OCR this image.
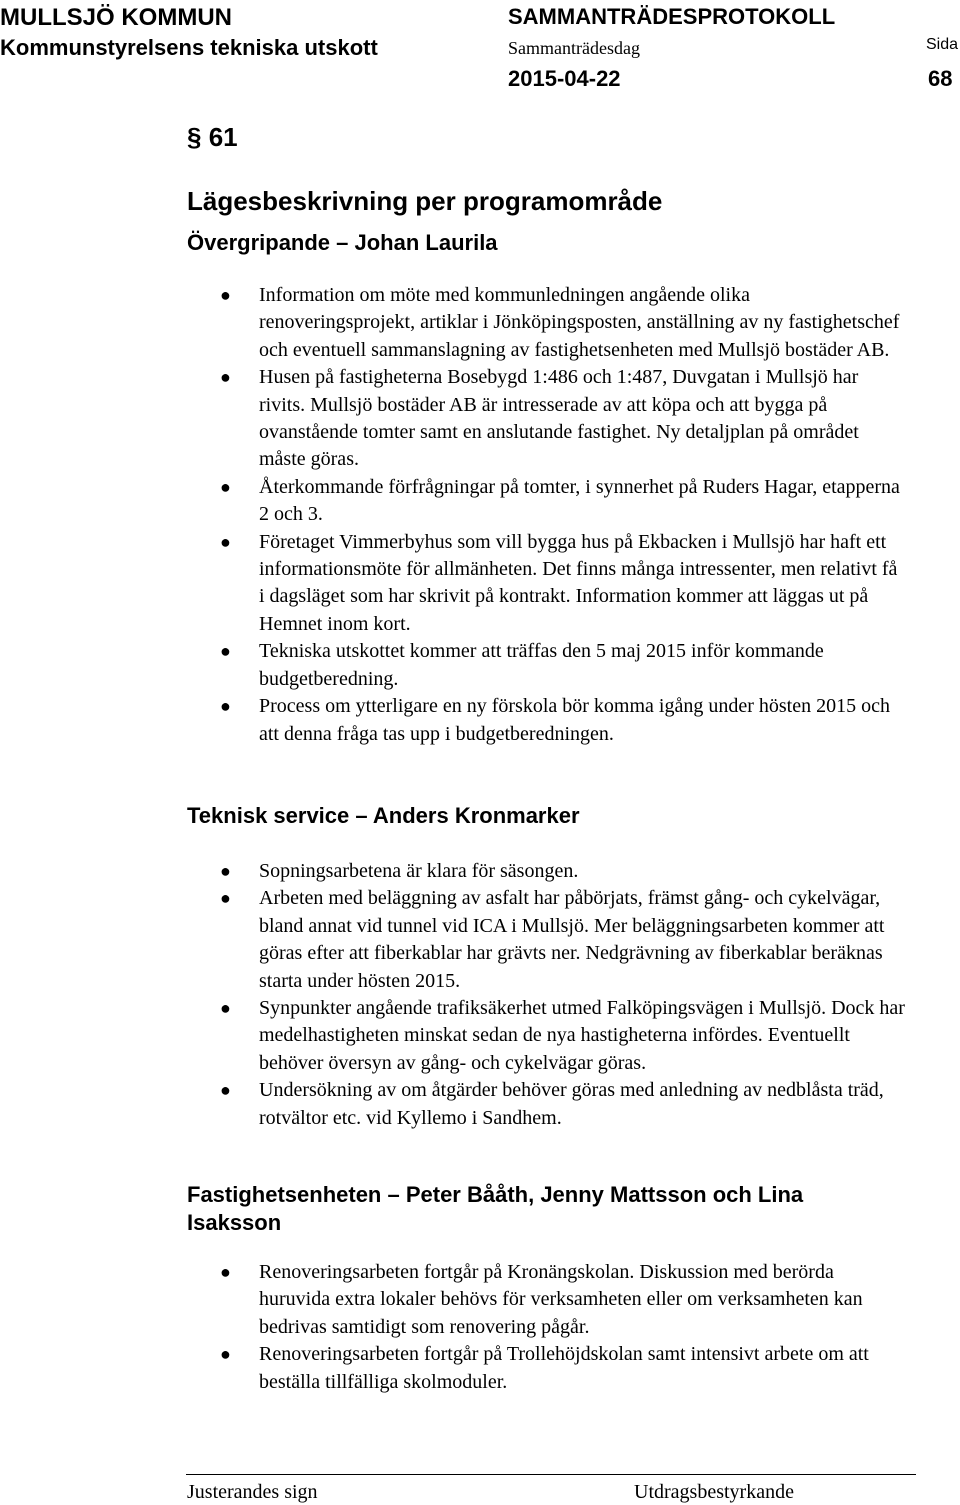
MULLSJÖ KOMMUN
Kommunstyrelsens tekniska utskott
SAMMANTRÄDESPROTOKOLL
Sammanträdesdag
2015-04-22
Sida
68
§ 61
Lägesbeskrivning per programområde
Övergripande – Johan Laurila
● Information om möte med kommunledningen angående olika renoveringsprojekt, artiklar i Jönköpingsposten, anställning av ny fastighetschef och eventuell sammanslagning av fastighetsenheten med Mullsjö bostäder AB.
● Husen på fastigheterna Bosebygd 1:486 och 1:487, Duvgatan i Mullsjö har rivits. Mullsjö bostäder AB är intresserade av att köpa och att bygga på ovanstående tomter samt en anslutande fastighet. Ny detaljplan på området måste göras.
● Återkommande förfrågningar på tomter, i synnerhet på Ruders Hagar, etapperna 2 och 3.
● Företaget Vimmerbyhus som vill bygga hus på Ekbacken i Mullsjö har haft ett informationsmöte för allmänheten. Det finns många intressenter, men relativt få i dagsläget som har skrivit på kontrakt. Information kommer att läggas ut på Hemnet inom kort.
● Tekniska utskottet kommer att träffas den 5 maj 2015 inför kommande budgetberedning.
● Process om ytterligare en ny förskola bör komma igång under hösten 2015 och att denna fråga tas upp i budgetberedningen.
Teknisk service – Anders Kronmarker
● Sopningsarbetena är klara för säsongen.
● Arbeten med beläggning av asfalt har påbörjats, främst gång- och cykelvägar, bland annat vid tunnel vid ICA i Mullsjö. Mer beläggningsarbeten kommer att göras efter att fiberkablar har grävts ner. Nedgrävning av fiberkablar beräknas starta under hösten 2015.
● Synpunkter angående trafiksäkerhet utmed Falköpingsvägen i Mullsjö. Dock har medelhastigheten minskat sedan de nya hastigheterna infördes. Eventuellt behöver översyn av gång- och cykelvägar göras.
● Undersökning av om åtgärder behöver göras med anledning av nedblåsta träd, rotvältor etc. vid Kyllemo i Sandhem.
Fastighetsenheten – Peter Bååth, Jenny Mattsson och Lina Isaksson
● Renoveringsarbeten fortgår på Kronängskolan. Diskussion med berörda huruvida extra lokaler behövs för verksamheten eller om verksamheten kan bedrivas samtidigt som renovering pågår.
● Renoveringsarbeten fortgår på Trollehöjdskolan samt intensivt arbete om att beställa tillfälliga skolmoduler.
Justerandes sign	Utdragsbestyrkande
